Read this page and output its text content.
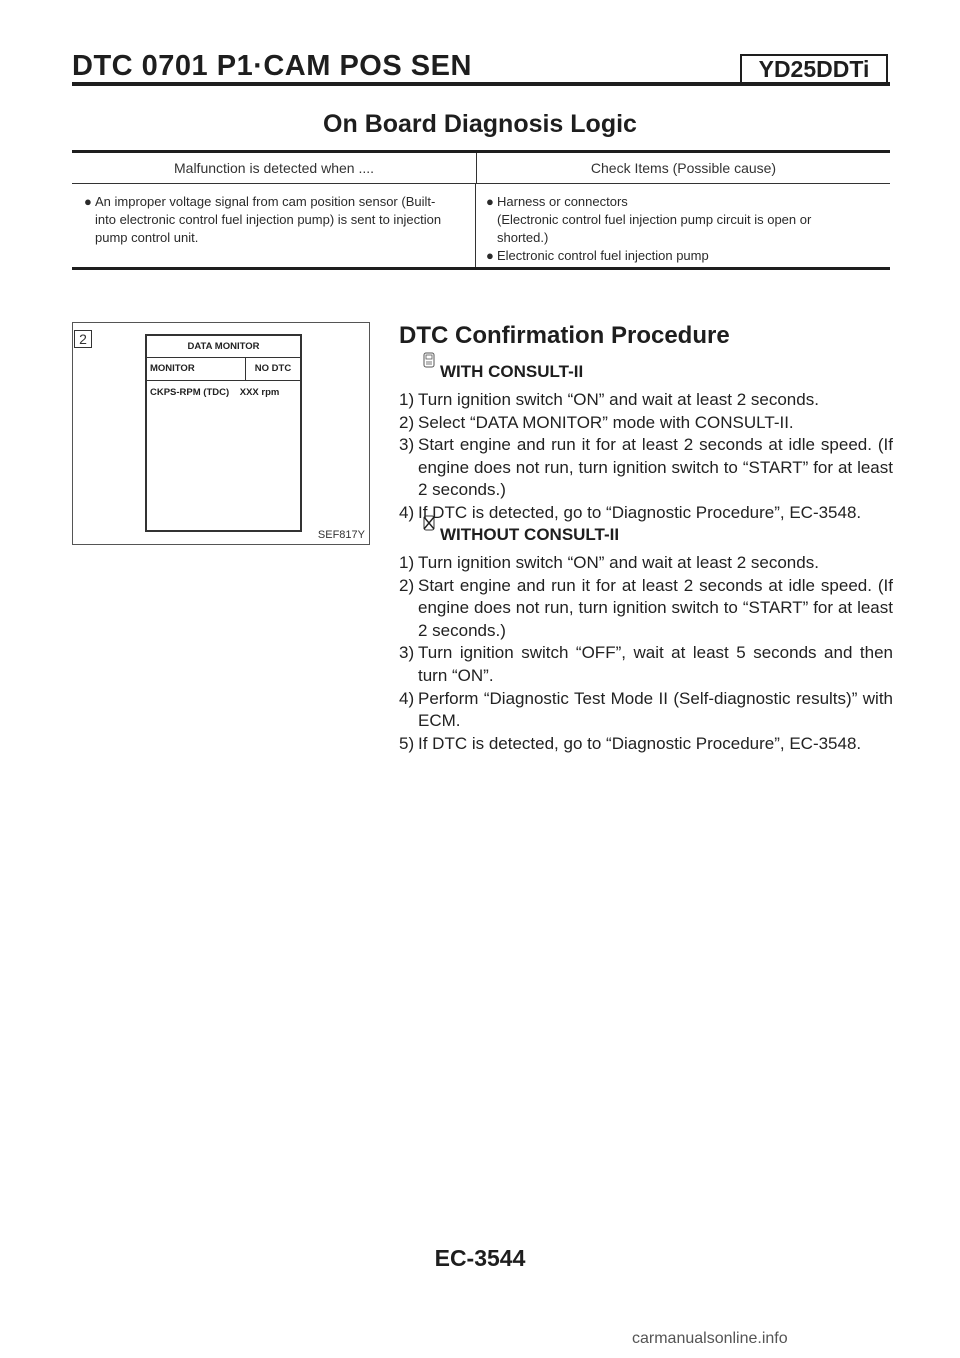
DTC 0701 P1·CAM POS SEN	YD25DDTi
On Board Diagnosis Logic
Malfunction is detected when ....	Check Items (Possible cause)
● An improper voltage signal from cam position sensor (Built-
into electronic control fuel injection pump) is sent to injection
pump control unit.
● Harness or connectors
(Electronic control fuel injection pump circuit is open or
shorted.)
● Electronic control fuel injection pump
2	DATA MONITOR
MONITOR	NO DTC
CKPS-RPM (TDC) XXX rpm
SEF817Y
DTC Confirmation Procedure
WITH CONSULT-II
1) Turn ignition switch “ON” and wait at least 2 seconds.
2) Select “DATA MONITOR” mode with CONSULT-II.
3) Start engine and run it for at least 2 seconds at idle speed. (If engine does not run, turn ignition switch to “START” for at least 2 seconds.)
4) If DTC is detected, go to “Diagnostic Procedure”, EC-3548.
WITHOUT CONSULT-II
1) Turn ignition switch “ON” and wait at least 2 seconds.
2) Start engine and run it for at least 2 seconds at idle speed. (If engine does not run, turn ignition switch to “START” for at least 2 seconds.)
3) Turn ignition switch “OFF”, wait at least 5 seconds and then turn “ON”.
4) Perform “Diagnostic Test Mode II (Self-diagnostic results)” with ECM.
5) If DTC is detected, go to “Diagnostic Procedure”, EC-3548.
EC-3544
carmanualsonline.info
